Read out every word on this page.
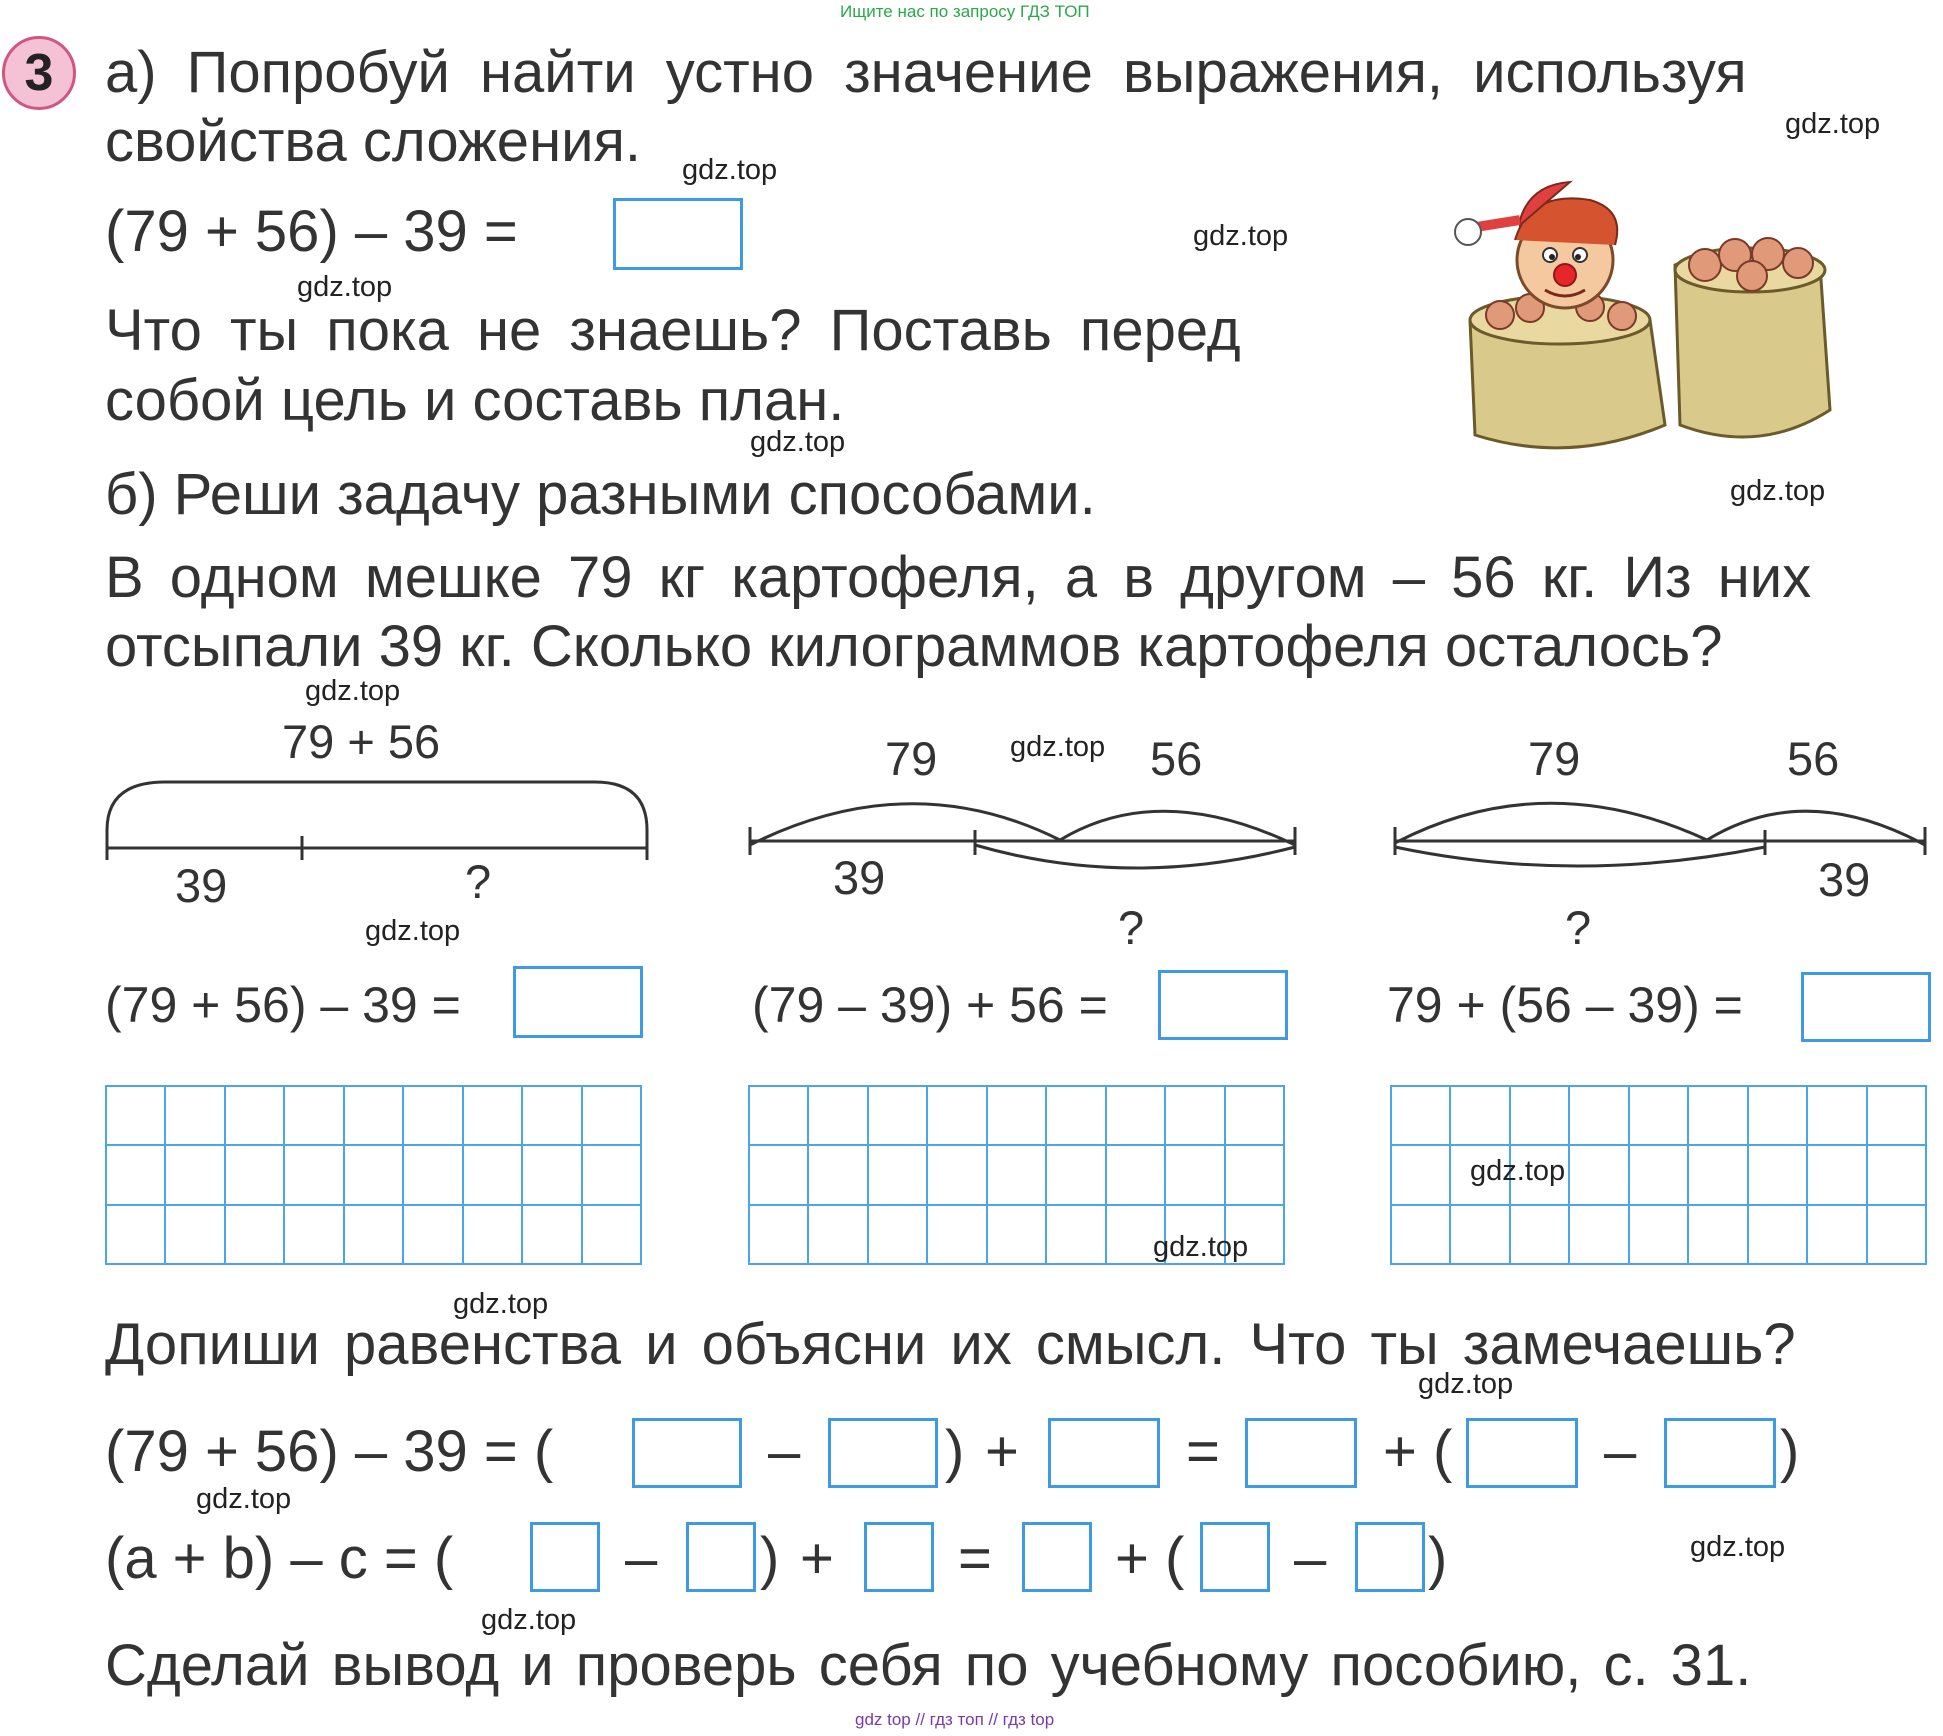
Ищите нас по запросу ГДЗ ТОП
3 а) Попробуй найти устно значение выражения, используя
свойства сложения.
(79 + 56) – 39 =
Что ты пока не знаешь? Поставь перед
собой цель и составь план.
б) Реши задачу разными способами.
В одном мешке 79 кг картофеля, а в другом – 56 кг. Из них
отсыпали 39 кг. Сколько килограммов картофеля осталось?
79 + 56
39	?
79	56
39
?
79	56
39
?
(79 + 56) – 39 =	(79 – 39) + 56 =	79 + (56 – 39) =
Допиши равенства и объясни их смысл. Что ты замечаешь?
(79 + 56) – 39 = (	– ) +	=	+ (	– )
(a + b) – c = (	– ) + = + ( – )
Сделай вывод и проверь себя по учебному пособию, с. 31.
gdz.top
gdz.top
gdz.top
gdz.top
gdz.top
gdz.top
gdz.top
gdz.top
gdz.top
gdz.top
gdz.top
gdz.top
gdz.top
gdz.top
gdz.top
gdz.top
gdz top // гдз топ // гдз top
